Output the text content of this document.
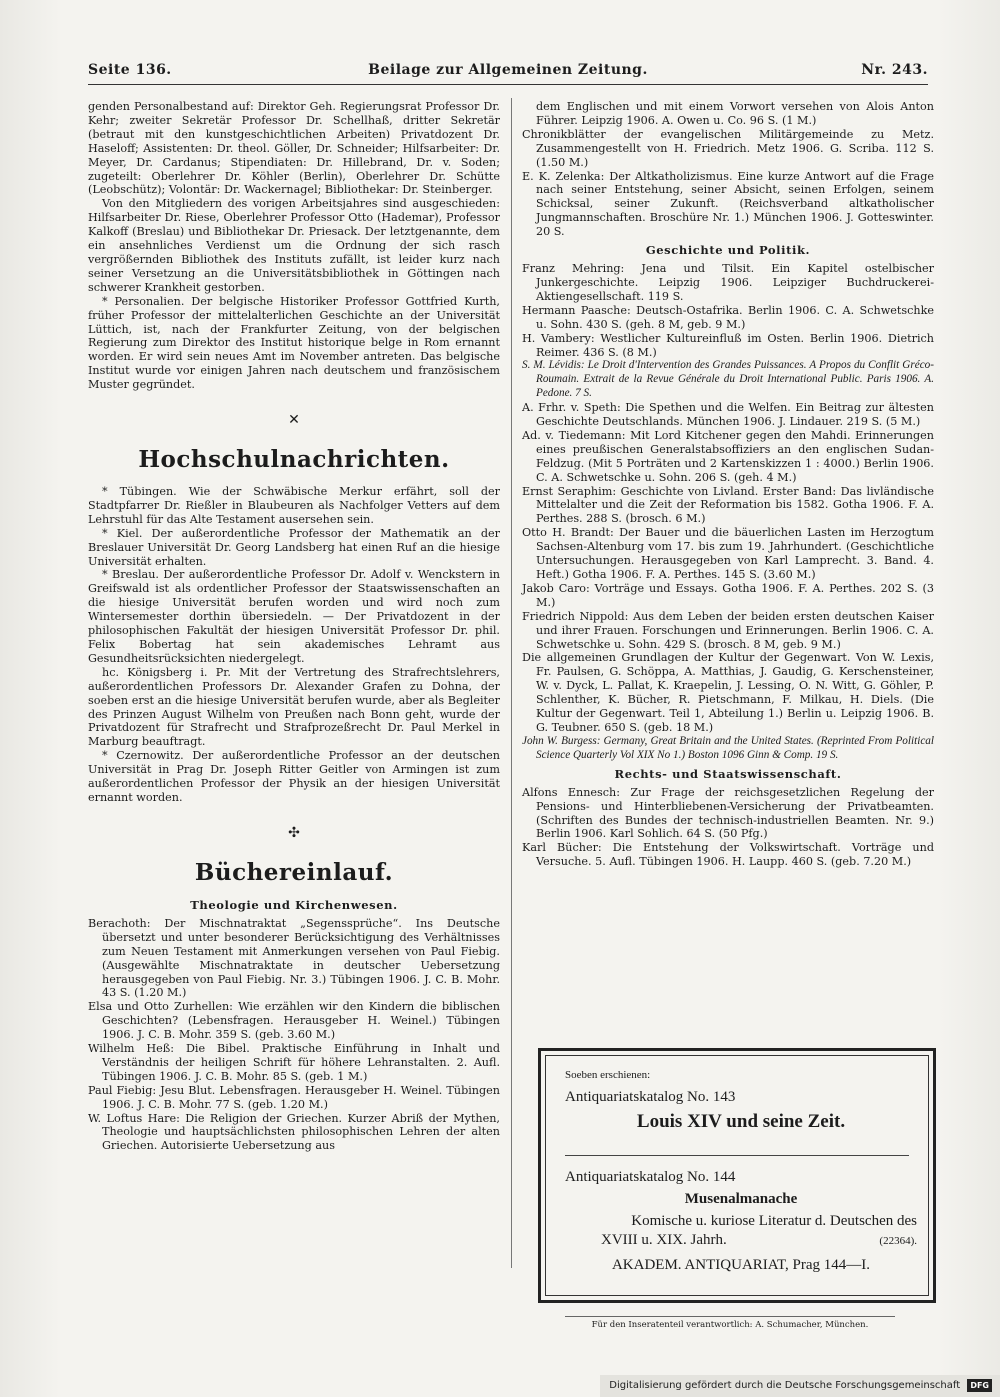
Beilage zur Allgemeinen Zeitung.
Seite 136.	Nr. 243.

genden Personalbestand auf: Direktor Geh. Regierungsrat Professor Dr. Kehr; zweiter Sekretär Professor Dr. Schellhaß, dritter Sekretär (betraut mit den kunstgeschichtlichen Arbeiten) Privatdozent Dr. Haseloff; Assistenten: Dr. theol. Göller, Dr. Schneider; Hilfsarbeiter: Dr. Meyer, Dr. Cardanus; Stipendiaten: Dr. Hillebrand, Dr. v. Soden; zugeteilt: Oberlehrer Dr. Köhler (Berlin), Oberlehrer Dr. Schütte (Leobschütz); Volontär: Dr. Wackernagel; Bibliothekar: Dr. Steinberger.

Von den Mitgliedern des vorigen Arbeitsjahres sind ausgeschieden: Hilfsarbeiter Dr. Riese, Oberlehrer Professor Otto (Hademar), Professor Kalkoff (Breslau) und Bibliothekar Dr. Priesack. Der letztgenannte, dem ein ansehnliches Verdienst um die Ordnung der sich rasch vergrößernden Bibliothek des Instituts zufällt, ist leider kurz nach seiner Versetzung an die Universitätsbibliothek in Göttingen nach schwerer Krankheit gestorben.

* Personalien. Der belgische Historiker Professor Gottfried Kurth, früher Professor der mittelalterlichen Geschichte an der Universität Lüttich, ist, nach der Frankfurter Zeitung, von der belgischen Regierung zum Direktor des Institut historique belge in Rom ernannt worden. Er wird sein neues Amt im November antreten. Das belgische Institut wurde vor einigen Jahren nach deutschem und französischem Muster gegründet.

✕
Hochschulnachrichten.

* Tübingen. Wie der Schwäbische Merkur erfährt, soll der Stadtpfarrer Dr. Rießler in Blaubeuren als Nachfolger Vetters auf dem Lehrstuhl für das Alte Testament ausersehen sein.

* Kiel. Der außerordentliche Professor der Mathematik an der Breslauer Universität Dr. Georg Landsberg hat einen Ruf an die hiesige Universität erhalten.

* Breslau. Der außerordentliche Professor Dr. Adolf v. Wenckstern in Greifswald ist als ordentlicher Professor der Staatswissenschaften an die hiesige Universität berufen worden und wird noch zum Wintersemester dorthin übersiedeln. — Der Privatdozent in der philosophischen Fakultät der hiesigen Universität Professor Dr. phil. Felix Bobertag hat sein akademisches Lehramt aus Gesundheitsrücksichten niedergelegt.

hc. Königsberg i. Pr. Mit der Vertretung des Strafrechtslehrers, außerordentlichen Professors Dr. Alexander Grafen zu Dohna, der soeben erst an die hiesige Universität berufen wurde, aber als Begleiter des Prinzen August Wilhelm von Preußen nach Bonn geht, wurde der Privatdozent für Strafrecht und Strafprozeßrecht Dr. Paul Merkel in Marburg beauftragt.

* Czernowitz. Der außerordentliche Professor an der deutschen Universität in Prag Dr. Joseph Ritter Geitler von Armingen ist zum außerordentlichen Professor der Physik an der hiesigen Universität ernannt worden.

✣
Büchereinlauf.
Theologie und Kirchenwesen.

Berachoth: Der Mischnatraktat „Segenssprüche“. Ins Deutsche übersetzt und unter besonderer Berücksichtigung des Verhältnisses zum Neuen Testament mit Anmerkungen versehen von Paul Fiebig. (Ausgewählte Mischnatraktate in deutscher Uebersetzung herausgegeben von Paul Fiebig. Nr. 3.) Tübingen 1906. J. C. B. Mohr. 43 S. (1.20 M.)

Elsa und Otto Zurhellen: Wie erzählen wir den Kindern die biblischen Geschichten? (Lebensfragen. Herausgeber H. Weinel.) Tübingen 1906. J. C. B. Mohr. 359 S. (geb. 3.60 M.)

Wilhelm Heß: Die Bibel. Praktische Einführung in Inhalt und Verständnis der heiligen Schrift für höhere Lehranstalten. 2. Aufl. Tübingen 1906. J. C. B. Mohr. 85 S. (geb. 1 M.)

Paul Fiebig: Jesu Blut. Lebensfragen. Herausgeber H. Weinel. Tübingen 1906. J. C. B. Mohr. 77 S. (geb. 1.20 M.)

W. Loftus Hare: Die Religion der Griechen. Kurzer Abriß der Mythen, Theologie und hauptsächlichsten philosophischen Lehren der alten Griechen. Autorisierte Uebersetzung aus

dem Englischen und mit einem Vorwort versehen von Alois Anton Führer. Leipzig 1906. A. Owen u. Co. 96 S. (1 M.)

Chronikblätter der evangelischen Militärgemeinde zu Metz. Zusammengestellt von H. Friedrich. Metz 1906. G. Scriba. 112 S. (1.50 M.)

E. K. Zelenka: Der Altkatholizismus. Eine kurze Antwort auf die Frage nach seiner Entstehung, seiner Absicht, seinen Erfolgen, seinem Schicksal, seiner Zukunft. (Reichsverband altkatholischer Jungmannschaften. Broschüre Nr. 1.) München 1906. J. Gotteswinter. 20 S.

Geschichte und Politik.

Franz Mehring: Jena und Tilsit. Ein Kapitel ostelbischer Junkergeschichte. Leipzig 1906. Leipziger Buchdruckerei-Aktiengesellschaft. 119 S.

Hermann Paasche: Deutsch-Ostafrika. Berlin 1906. C. A. Schwetschke u. Sohn. 430 S. (geh. 8 M, geb. 9 M.)

H. Vambery: Westlicher Kultureinfluß im Osten. Berlin 1906. Dietrich Reimer. 436 S. (8 M.)

S. M. Lévidis: Le Droit d'Intervention des Grandes Puissances. A Propos du Conflit Gréco-Roumain. Extrait de la Revue Générale du Droit International Public. Paris 1906. A. Pedone. 7 S.

A. Frhr. v. Speth: Die Spethen und die Welfen. Ein Beitrag zur ältesten Geschichte Deutschlands. München 1906. J. Lindauer. 219 S. (5 M.)

Ad. v. Tiedemann: Mit Lord Kitchener gegen den Mahdi. Erinnerungen eines preußischen Generalstabsoffiziers an den englischen Sudan-Feldzug. (Mit 5 Porträten und 2 Kartenskizzen 1 : 4000.) Berlin 1906. C. A. Schwetschke u. Sohn. 206 S. (geh. 4 M.)

Ernst Seraphim: Geschichte von Livland. Erster Band: Das livländische Mittelalter und die Zeit der Reformation bis 1582. Gotha 1906. F. A. Perthes. 288 S. (brosch. 6 M.)

Otto H. Brandt: Der Bauer und die bäuerlichen Lasten im Herzogtum Sachsen-Altenburg vom 17. bis zum 19. Jahrhundert. (Geschichtliche Untersuchungen. Herausgegeben von Karl Lamprecht. 3. Band. 4. Heft.) Gotha 1906. F. A. Perthes. 145 S. (3.60 M.)

Jakob Caro: Vorträge und Essays. Gotha 1906. F. A. Perthes. 202 S. (3 M.)

Friedrich Nippold: Aus dem Leben der beiden ersten deutschen Kaiser und ihrer Frauen. Forschungen und Erinnerungen. Berlin 1906. C. A. Schwetschke u. Sohn. 429 S. (brosch. 8 M, geb. 9 M.)

Die allgemeinen Grundlagen der Kultur der Gegenwart. Von W. Lexis, Fr. Paulsen, G. Schöppa, A. Matthias, J. Gaudig, G. Kerschensteiner, W. v. Dyck, L. Pallat, K. Kraepelin, J. Lessing, O. N. Witt, G. Göhler, P. Schlenther, K. Bücher, R. Pietschmann, F. Milkau, H. Diels. (Die Kultur der Gegenwart. Teil 1, Abteilung 1.) Berlin u. Leipzig 1906. B. G. Teubner. 650 S. (geb. 18 M.)

John W. Burgess: Germany, Great Britain and the United States. (Reprinted From Political Science Quarterly Vol XIX No 1.) Boston 1096 Ginn & Comp. 19 S.

Rechts- und Staatswissenschaft.

Alfons Ennesch: Zur Frage der reichsgesetzlichen Regelung der Pensions- und Hinterbliebenen-Versicherung der Privatbeamten. (Schriften des Bundes der technisch-industriellen Beamten. Nr. 9.) Berlin 1906. Karl Sohlich. 64 S. (50 Pfg.)

Karl Bücher: Die Entstehung der Volkswirtschaft. Vorträge und Versuche. 5. Aufl. Tübingen 1906. H. Laupp. 460 S. (geb. 7.20 M.)

Soeben erschienen:
Antiquariatskatalog No. 143
Louis XIV und seine Zeit.
Antiquariatskatalog No. 144
Musenalmanache
Komische u. kuriose Literatur d. Deutschen des
XVIII u. XIX. Jahrh.	(22364).
AKADEM. ANTIQUARIAT, Prag 144—I.
Für den Inseratenteil verantwortlich: A. Schumacher, München.
Digitalisierung gefördert durch die Deutsche Forschungsgemeinschaft DFG
